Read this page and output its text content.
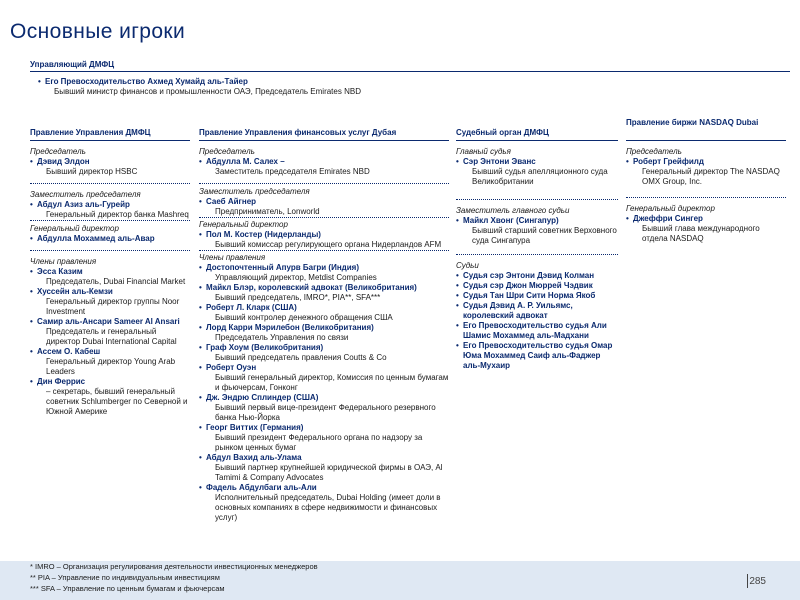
Основные игроки
Управляющий ДМФЦ
• Его Превосходительство Ахмед Хумайд аль-Тайер
Бывший министр финансов и промышленности ОАЭ, Председатель Emirates NBD
Правление Управления ДМФЦ	Правление Управления финансовых услуг Дубая	Судебный орган ДМФЦ
Правление биржи NASDAQ Dubai
Председатель
• Дэвид Элдон
Бывший директор HSBC
Заместитель председателя
• Абдул Азиз аль-Гурейр
Генеральный директор банка Mashreq
Генеральный директор
• Абдулла Мохаммед аль-Авар
Члены правления
• Эсса Казим
Председатель, Dubai Financial Market
• Хуссейн аль-Кемзи
Генеральный директор группы Noor Investment
• Самир аль-Ансари Sameer Al Ansari
Председатель и генеральный директор Dubai International Capital
• Ассем О. Кабеш
Генеральный директор Young Arab Leaders
• Дин Феррис
– секретарь, бывший генеральный советник Schlumberger по Северной и Южной Америке
Председатель
• Абдулла М. Салех –
Заместитель председателя Emirates NBD
Заместитель председателя
• Саеб Айгнер
Предприниматель, Lonworld
Генеральный директор
• Пол М. Костер (Нидерланды)
Бывший комиссар регулирующего органа Нидерландов AFM
Члены правления
• Достопочтенный Апурв Багри (Индия)
Управляющий директор, Metdist Companies
• Майкл Блэр, королевский адвокат (Великобритания)
Бывший председатель, IMRO*, PIA**, SFA***
• Роберт Л. Кларк (США)
Бывший контролер денежного обращения США
• Лорд Карри Мэрилебон (Великобритания)
Председатель Управления по связи
• Граф Хоум (Великобритания)
Бывший председатель правления Coutts & Co
• Роберт Оуэн
Бывший генеральный директор, Комиссия по ценным бумагам и фьючерсам, Гонконг
• Дж. Эндрю Сплиндер (США)
Бывший первый вице-президент Федерального резервного банка Нью-Йорка
• Георг Виттих (Германия)
Бывший президент Федерального органа по надзору за рынком ценных бумаг
• Абдул Вахид аль-Улама
Бывший партнер крупнейшей юридической фирмы в ОАЭ, Al Tamimi & Company Advocates
• Фадель Абдулбаги аль-Али
Исполнительный председатель, Dubai Holding (имеет доли в основных компаниях в сфере недвижимости и финансовых услуг)
Главный судья
• Сэр Энтони Эванс
Бывший судья апелляционного суда Великобритании
Заместитель главного судьи
• Майкл Хвонг (Сингапур)
Бывший старший советник Верховного суда Сингапура
Судьи
• Судья сэр Энтони Дэвид Колман
• Судья сэр Джон Мюррей Чэдвик
• Судья Тан Шри Сити Норма Якоб
• Судья Дэвид А. Р. Уильямс, королевский адвокат
• Его Превосходительство судья Али Шамис Мохаммед аль-Мадхани
• Его Превосходительство судья Омар Юма Мохаммед Саиф аль-Фаджер аль-Мухаир
Председатель
• Роберт Грейфилд
Генеральный директор The NASDAQ OMX Group, Inc.
Генеральный директор
• Джеффри Сингер
Бывший глава международного отдела NASDAQ
* IMRO – Организация регулирования деятельности инвестиционных менеджеров
** PIA – Управление по индивидуальным инвестициям
*** SFA – Управление по ценным бумагам и фьючерсам
285
